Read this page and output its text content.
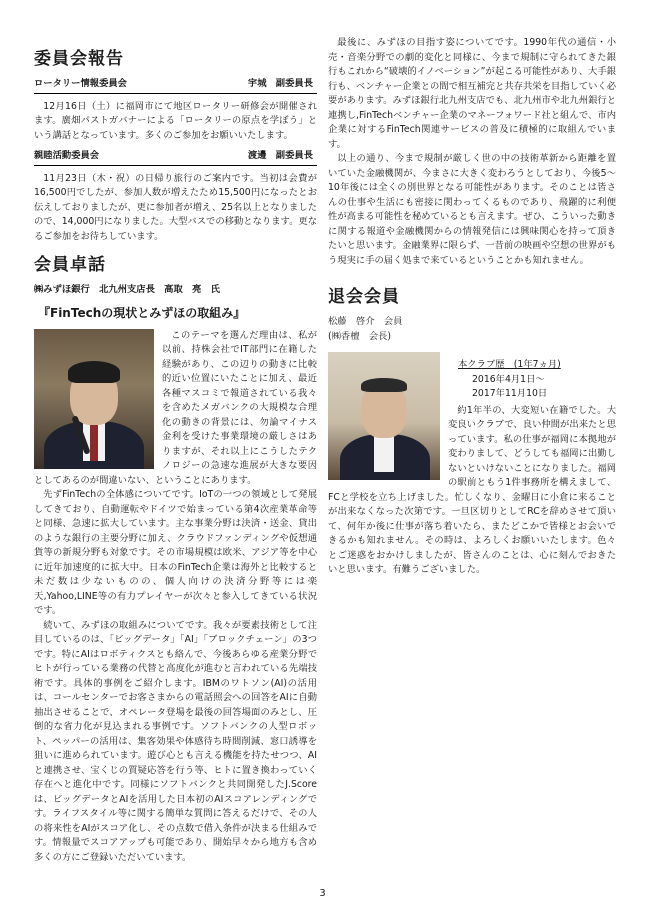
委員会報告
ロータリー情報委員会	宇城　副委員長

12月16日（土）に福岡市にて地区ロータリー研修会が開催されます。廣畑パストガバナーによる「ロータリーの原点を学ぼう」という講話となっています。多くのご参加をお願いいたします。

親睦活動委員会	渡邊　副委員長

11月23日（木・祝）の日帰り旅行のご案内です。当初は会費が16,500円でしたが、参加人数が増えたため15,500円になったとお伝えしておりましたが、更に参加者が増え、25名以上となりましたので、14,000円になりました。大型バスでの移動となります。更なるご参加をお待ちしています。

会員卓話
㈱みずほ銀行　北九州支店長　高取　亮　氏
『FinTechの現状とみずほの取組み』

このテーマを選んだ理由は、私が以前、持株会社でIT部門に在籍した経験があり、この辺りの動きに比較的近い位置にいたことに加え、最近各種マスコミで報道されている我々を含めたメガバンクの大規模な合理化の動きの背景には、勿論マイナス金利を受けた事業環境の厳しさはありますが、それ以上にこうしたテクノロジーの急速な進展が大きな要因としてあるのが間違いない、ということにあります。

先ずFinTechの全体感についてです。IoTの一つの領域として発展してきており、自動運転やドイツで始まっている第4次産業革命等と同様、急速に拡大しています。主な事業分野は決済・送金、貸出のような銀行の主要分野に加え、クラウドファンディングや仮想通貨等の新規分野も対象です。その市場規模は欧米、アジア等を中心に近年加速度的に拡大中。日本のFinTech企業は海外と比較すると未だ数は少ないものの、個人向けの決済分野等には楽天,Yahoo,LINE等の有力プレイヤーが次々と参入してきている状況です。

続いて、みずほの取組みについてです。我々が要素技術として注目しているのは、「ビッグデータ」「AI」「ブロックチェーン」の3つです。特にAIはロボティクスとも絡んで、今後あらゆる産業分野でヒトが行っている業務の代替と高度化が進むと言われている先端技術です。具体的事例をご紹介します。IBMのワトソン(AI)の活用は、コールセンターでお客さまからの電話照会への回答をAIに自動抽出させることで、オペレータ登場を最後の回答場面のみとし、圧倒的な省力化が見込まれる事例です。ソフトバンクの人型ロボット、ペッパーの活用は、集客効果や体感待ち時間削減、窓口誘導を狙いに進められています。遊び心とも言える機能を持たせつつ、AIと連携させ、宝くじの質疑応答を行う等、ヒトに置き換わっていく存在へと進化中です。同様にソフトバンクと共同開発したJ.Scoreは、ビッグデータとAIを活用した日本初のAIスコアレンディングです。ライフスタイル等に関する簡単な質問に答えるだけで、その人の将来性をAIがスコア化し、その点数で借入条件が決まる仕組みです。情報量でスコアアップも可能であり、開始早々から地方も含め多くの方にご登録いただいています。

最後に、みずほの目指す姿についてです。1990年代の通信・小売・音楽分野での劇的変化と同様に、今まで規制に守られてきた銀行もこれから“破壊的イノベーション”が起こる可能性があり、大手銀行も、ベンチャー企業との間で相互補完と共存共栄を目指していく必要があります。みずほ銀行北九州支店でも、北九州市や北九州銀行と連携し,FinTechベンチャー企業のマネーフォワード社と組んで、市内企業に対するFinTech関連サービスの普及に積極的に取組んでいます。

以上の通り、今まで規制が厳しく世の中の技術革新から距離を置いていた金融機関が、今まさに大きく変わろうとしており、今後5～10年後には全くの別世界となる可能性があります。そのことは皆さんの仕事や生活にも密接に関わってくるものであり、飛躍的に利便性が高まる可能性を秘めているとも言えます。ぜひ、こういった動きに関する報道や金融機関からの情報発信には興味関心を持って頂きたいと思います。金融業界に限らず、一昔前の映画や空想の世界がもう現実に手の届く処まで来ているということかも知れません。

退会会員
松藤　啓介　会員
(㈱香檀　会長)
本クラブ歴　(1年7ヵ月)
2016年4月1日～
2017年11月10日

約1年半の、大変短い在籍でした。大変良いクラブで、良い仲間が出来たと思っています。私の仕事が福岡に本拠地が変わりまして、どうしても福岡に出勤しないといけないことになりました。福岡の駅前ともう1件事務所を構えまして、FCと学校を立ち上げました。忙しくなり、金曜日に小倉に来ることが出来なくなった次第です。一旦区切りとしてRCを辞めさせて頂いて、何年か後に仕事が落ち着いたら、またどこかで皆様とお会いできるかも知れません。その時は、よろしくお願いいたします。色々とご迷惑をおかけしましたが、皆さんのことは、心に刻んでおきたいと思います。有難うございました。

3
